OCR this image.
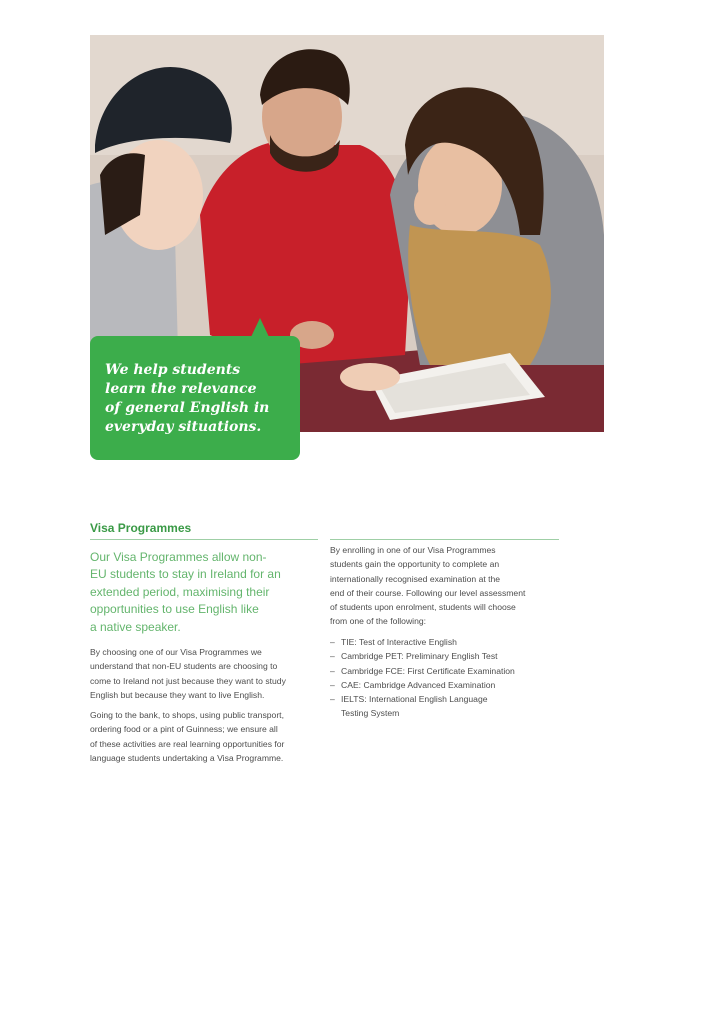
We help students
learn the relevance
of general English in
everyday situations.
Visa Programmes

Our Visa Programmes allow non-
EU students to stay in Ireland for an
extended period, maximising their
opportunities to use English like
a native speaker.

By choosing one of our Visa Programmes we
understand that non-EU students are choosing to
come to Ireland not just because they want to study
English but because they want to live English.

Going to the bank, to shops, using public transport,
ordering food or a pint of Guinness; we ensure all
of these activities are real learning opportunities for
language students undertaking a Visa Programme.

By enrolling in one of our Visa Programmes
students gain the opportunity to complete an
internationally recognised examination at the
end of their course. Following our level assessment
of students upon enrolment, students will choose
from one of the following:

– TIE: Test of Interactive English
– Cambridge PET: Preliminary English Test
– Cambridge FCE: First Certificate Examination
– CAE: Cambridge Advanced Examination
– IELTS: International English Language
Testing System
